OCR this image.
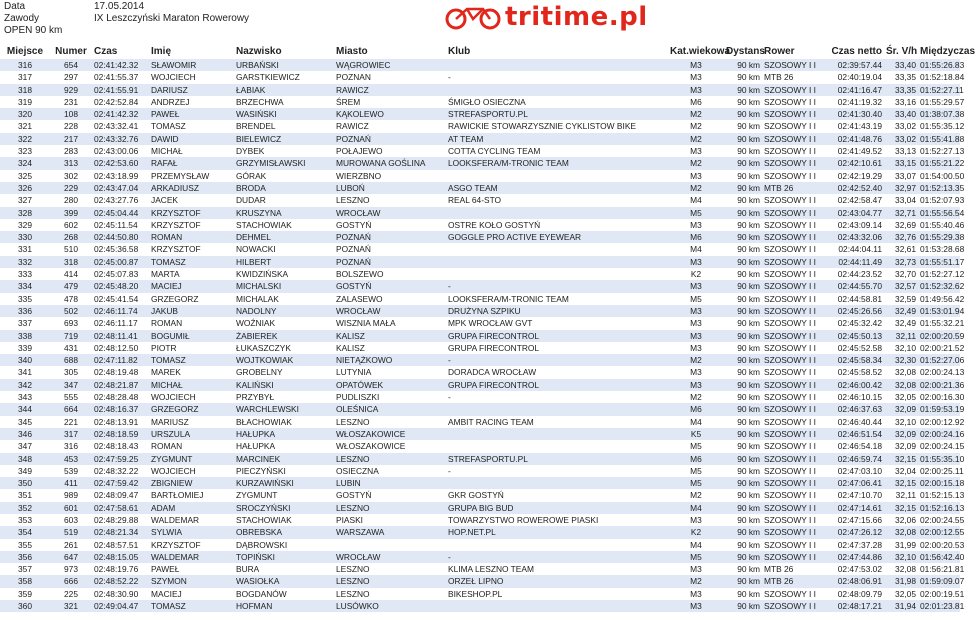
Data	17.05.2014
Zawody	IX Leszczyński Maraton Rowerowy
OPEN 90 km	tritime.pl
Miejsce	Numer	Czas	Imię	Nazwisko	Miasto	Klub	Kat.wiekowa	Dystans	Rower	Czas netto	Śr. V/h	Międzyczas
316	654	02:41:42.32	SŁAWOMIR	URBAŃSKI	WĄGROWIEC		M3	90 km	SZOSOWY I I	02:39:57.44	33,40	01:55:26.83
317	297	02:41:55.37	WOJCIECH	GARSTKIEWICZ	POZNAN	-	M3	90 km	MTB 26	02:40:19.04	33,35	01:52:18.84
318	929	02:41:55.91	DARIUSZ	ŁABIAK	RAWICZ		M3	90 km	SZOSOWY I I	02:41:16.47	33,35	01:52:27.11
319	231	02:42:52.84	ANDRZEJ	BRZECHWA	ŚREM	ŚMIGŁO OSIECZNA	M6	90 km	SZOSOWY I I	02:41:19.32	33,16	01:55:29.57
320	108	02:41:42.32	PAWEŁ	WASIŃSKI	KĄKOLEWO	STREFASPORTU.PL	M2	90 km	SZOSOWY I I	02:41:30.40	33,40	01:38:07.38
321	228	02:43:32.41	TOMASZ	BRENDEL	RAWICZ	RAWICKIE STOWARZYSZNIE CYKLISTOW BIKE	M2	90 km	SZOSOWY I I	02:41:43.19	33,02	01:55:35.12
322	217	02:43:32.76	DAWID	BIELEWICZ	POZNAŃ	AT TEAM	M2	90 km	SZOSOWY I I	02:41:48.76	33,02	01:55:41.88
323	283	02:43:00.06	MICHAŁ	DYBEK	POŁAJEWO	COTTA CYCLING TEAM	M3	90 km	SZOSOWY I I	02:41:49.52	33,13	01:52:27.13
324	313	02:42:53.60	RAFAŁ	GRZYMISŁAWSKI	MUROWANA GOŚLINA	LOOKSFERA/M-TRONIC TEAM	M2	90 km	SZOSOWY I I	02:42:10.61	33,15	01:55:21.22
325	302	02:43:18.99	PRZEMYSŁAW	GÓRAK	WIERZBNO		M3	90 km	SZOSOWY I I	02:42:19.29	33,07	01:54:00.50
326	229	02:43:47.04	ARKADIUSZ	BRODA	LUBOŃ	ASGO TEAM	M2	90 km	MTB 26	02:42:52.40	32,97	01:52:13.35
327	280	02:43:27.76	JACEK	DUDAR	LESZNO	REAL 64-STO	M4	90 km	SZOSOWY I I	02:42:58.47	33,04	01:52:07.93
328	399	02:45:04.44	KRZYSZTOF	KRUSZYNA	WROCŁAW		M5	90 km	SZOSOWY I I	02:43:04.77	32,71	01:55:56.54
329	602	02:45:11.54	KRZYSZTOF	STACHOWIAK	GOSTYŃ	OSTRE KOŁO GOSTYŃ	M3	90 km	SZOSOWY I I	02:43:09.14	32,69	01:55:40.46
330	268	02:44:50.80	ROMAN	DEHMEL	POZNAŃ	GOGGLE PRO ACTIVE EYEWEAR	M6	90 km	SZOSOWY I I	02:43:32.06	32,76	01:55:29.38
331	510	02:45:36.58	KRZYSZTOF	NOWACKI	POZNAŃ		M4	90 km	SZOSOWY I I	02:44:04.11	32,61	01:53:28.68
332	318	02:45:00.87	TOMASZ	HILBERT	POZNAŃ		M3	90 km	SZOSOWY I I	02:44:11.49	32,73	01:55:51.17
333	414	02:45:07.83	MARTA	KWIDZIŃSKA	BOLSZEWO		K2	90 km	SZOSOWY I I	02:44:23.52	32,70	01:52:27.12
334	479	02:45:48.20	MACIEJ	MICHALSKI	GOSTYŃ	-	M3	90 km	SZOSOWY I I	02:44:55.70	32,57	01:52:32.62
335	478	02:45:41.54	GRZEGORZ	MICHALAK	ZALASEWO	LOOKSFERA/M-TRONIC TEAM	M5	90 km	SZOSOWY I I	02:44:58.81	32,59	01:49:56.42
336	502	02:46:11.74	JAKUB	NADOLNY	WROCŁAW	DRUŻYNA SZPIKU	M3	90 km	SZOSOWY I I	02:45:26.56	32,49	01:53:01.94
337	693	02:46:11.17	ROMAN	WOŹNIAK	WISZNIA MAŁA	MPK WROCŁAW GVT	M3	90 km	SZOSOWY I I	02:45:32.42	32,49	01:55:32.21
338	719	02:48:11.41	BOGUMIŁ	ŻABIEREK	KALISZ	GRUPA FIRECONTROL	M3	90 km	SZOSOWY I I	02:45:50.13	32,11	02:00:20.59
339	431	02:48:12.50	PIOTR	ŁUKASZCZYK	KALISZ	GRUPA FIRECONTROL	M3	90 km	SZOSOWY I I	02:45:52.58	32,10	02:00:21.52
340	688	02:47:11.82	TOMASZ	WOJTKOWIAK	NIETĄŻKOWO	-	M2	90 km	SZOSOWY I I	02:45:58.34	32,30	01:52:27.06
341	305	02:48:19.48	MAREK	GROBELNY	LUTYNIA	DORADCA WROCŁAW	M3	90 km	SZOSOWY I I	02:45:58.52	32,08	02:00:24.13
342	347	02:48:21.87	MICHAŁ	KALIŃSKI	OPATÓWEK	GRUPA FIRECONTROL	M3	90 km	SZOSOWY I I	02:46:00.42	32,08	02:00:21.36
343	555	02:48:28.48	WOJCIECH	PRZYBYŁ	PUDLISZKI	-	M2	90 km	SZOSOWY I I	02:46:10.15	32,05	02:00:16.30
344	664	02:48:16.37	GRZEGORZ	WARCHLEWSKI	OLEŚNICA		M6	90 km	SZOSOWY I I	02:46:37.63	32,09	01:59:53.19
345	221	02:48:13.91	MARIUSZ	BŁACHOWIAK	LESZNO	AMBIT RACING TEAM	M4	90 km	SZOSOWY I I	02:46:40.44	32,10	02:00:12.92
346	317	02:48:18.59	URSZULA	HAŁUPKA	WŁOSZAKOWICE		K5	90 km	SZOSOWY I I	02:46:51.54	32,09	02:00:24.16
347	316	02:48:18.43	ROMAN	HAŁUPKA	WŁOSZAKOWICE		M5	90 km	SZOSOWY I I	02:46:54.18	32,09	02:00:24.15
348	453	02:47:59.25	ZYGMUNT	MARCINEK	LESZNO	STREFASPORTU.PL	M6	90 km	SZOSOWY I I	02:46:59.74	32,15	01:55:35.10
349	539	02:48:32.22	WOJCIECH	PIECZYŃSKI	OSIECZNA	-	M5	90 km	SZOSOWY I I	02:47:03.10	32,04	02:00:25.11
350	411	02:47:59.42	ZBIGNIEW	KURZAWIŃSKI	LUBIN		M5	90 km	SZOSOWY I I	02:47:06.41	32,15	02:00:15.18
351	989	02:48:09.47	BARTŁOMIEJ	ZYGMUNT	GOSTYŃ	GKR GOSTYŃ	M2	90 km	SZOSOWY I I	02:47:10.70	32,11	01:52:15.13
352	601	02:47:58.61	ADAM	SROCZYŃSKI	LESZNO	GRUPA BIG BUD	M4	90 km	SZOSOWY I I	02:47:14.61	32,15	01:52:16.13
353	603	02:48:29.88	WALDEMAR	STACHOWIAK	PIASKI	TOWARZYSTWO ROWEROWE PIASKI	M3	90 km	SZOSOWY I I	02:47:15.66	32,06	02:00:24.55
354	519	02:48:21.34	SYLWIA	OBREBSKA	WARSZAWA	HOP.NET.PL	K2	90 km	SZOSOWY I I	02:47:26.12	32,08	02:00:12.55
355	261	02:48:57.51	KRZYSZTOF	DĄBROWSKI			M4	90 km	SZOSOWY I I	02:47:37.28	31,99	02:00:20.53
356	647	02:48:15.05	WALDEMAR	TOPIŃSKI	WROCŁAW	-	M5	90 km	SZOSOWY I I	02:47:44.86	32,10	01:56:42.40
357	973	02:48:19.76	PAWEŁ	BURA	LESZNO	KLIMA LESZNO TEAM	M3	90 km	MTB 26	02:47:53.02	32,08	01:56:21.81
358	666	02:48:52.22	SZYMON	WASIOŁKA	LESZNO	ORZEŁ LIPNO	M2	90 km	MTB 26	02:48:06.91	31,98	01:59:09.07
359	225	02:48:30.90	MACIEJ	BOGDANÓW	LESZNO	BIKESHOP.PL	M3	90 km	SZOSOWY I I	02:48:09.79	32,05	02:00:19.51
360	321	02:49:04.47	TOMASZ	HOFMAN	LUSÓWKO		M3	90 km	SZOSOWY I I	02:48:17.21	31,94	02:01:23.81
